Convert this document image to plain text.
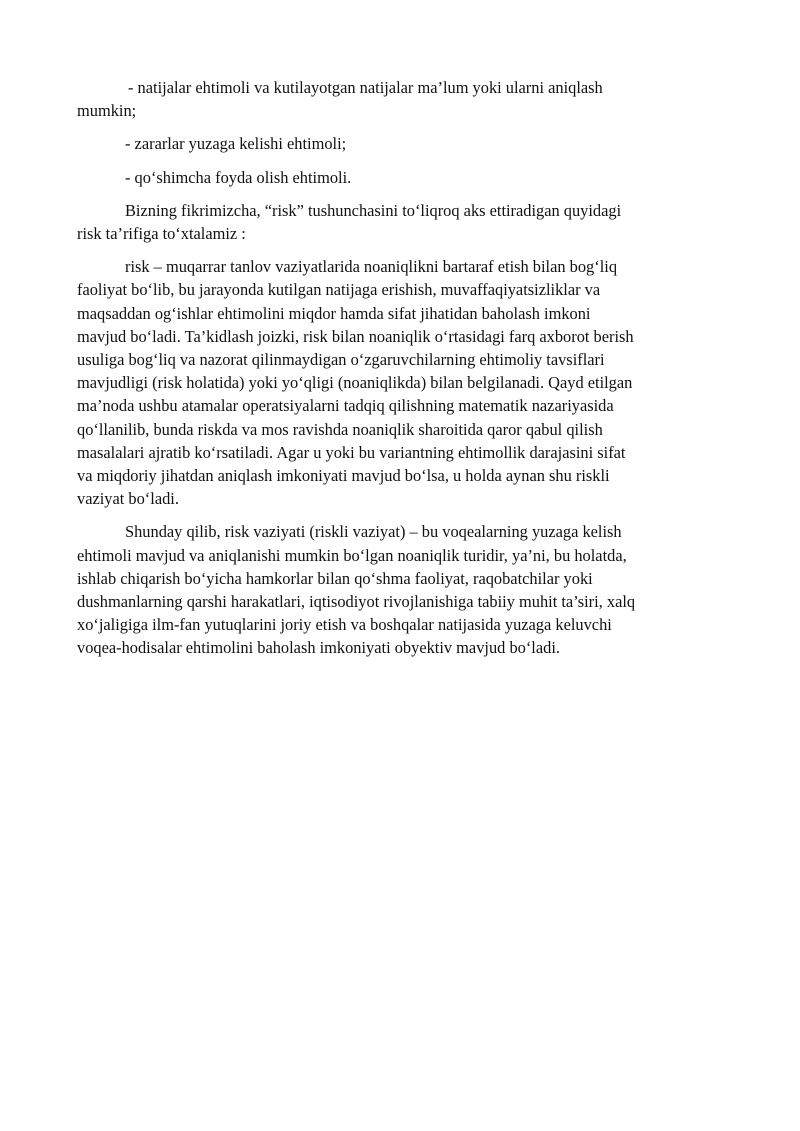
- natijalar ehtimoli va kutilayotgan natijalar ma’lum yoki ularni aniqlash
mumkin;

- zararlar yuzaga kelishi ehtimoli;

- qo‘shimcha foyda olish ehtimoli.

Bizning fikrimizcha, “risk” tushunchasini to‘liqroq aks ettiradigan quyidagi
risk ta’rifiga to‘xtalamiz :

risk – muqarrar tanlov vaziyatlarida noaniqlikni bartaraf etish bilan bog‘liq
faoliyat bo‘lib, bu jarayonda kutilgan natijaga erishish, muvaffaqiyatsizliklar va
maqsaddan og‘ishlar ehtimolini miqdor hamda sifat jihatidan baholash imkoni
mavjud bo‘ladi. Ta’kidlash joizki, risk bilan noaniqlik o‘rtasidagi farq axborot berish
usuliga bog‘liq va nazorat qilinmaydigan o‘zgaruvchilarning ehtimoliy tavsiflari
mavjudligi (risk holatida) yoki yo‘qligi (noaniqlikda) bilan belgilanadi. Qayd etilgan
ma’noda ushbu atamalar operatsiyalarni tadqiq qilishning matematik nazariyasida
qo‘llanilib, bunda riskda va mos ravishda noaniqlik sharoitida qaror qabul qilish
masalalari ajratib ko‘rsatiladi. Agar u yoki bu variantning ehtimollik darajasini sifat
va miqdoriy jihatdan aniqlash imkoniyati mavjud bo‘lsa, u holda aynan shu riskli
vaziyat bo‘ladi.

Shunday qilib, risk vaziyati (riskli vaziyat) – bu voqealarning yuzaga kelish
ehtimoli mavjud va aniqlanishi mumkin bo‘lgan noaniqlik turidir, ya’ni, bu holatda,
ishlab chiqarish bo‘yicha hamkorlar bilan qo‘shma faoliyat, raqobatchilar yoki
dushmanlarning qarshi harakatlari, iqtisodiyot rivojlanishiga tabiiy muhit ta’siri, xalq
xo‘jaligiga ilm-fan yutuqlarini joriy etish va boshqalar natijasida yuzaga keluvchi
voqea-hodisalar ehtimolini baholash imkoniyati obyektiv mavjud bo‘ladi.
